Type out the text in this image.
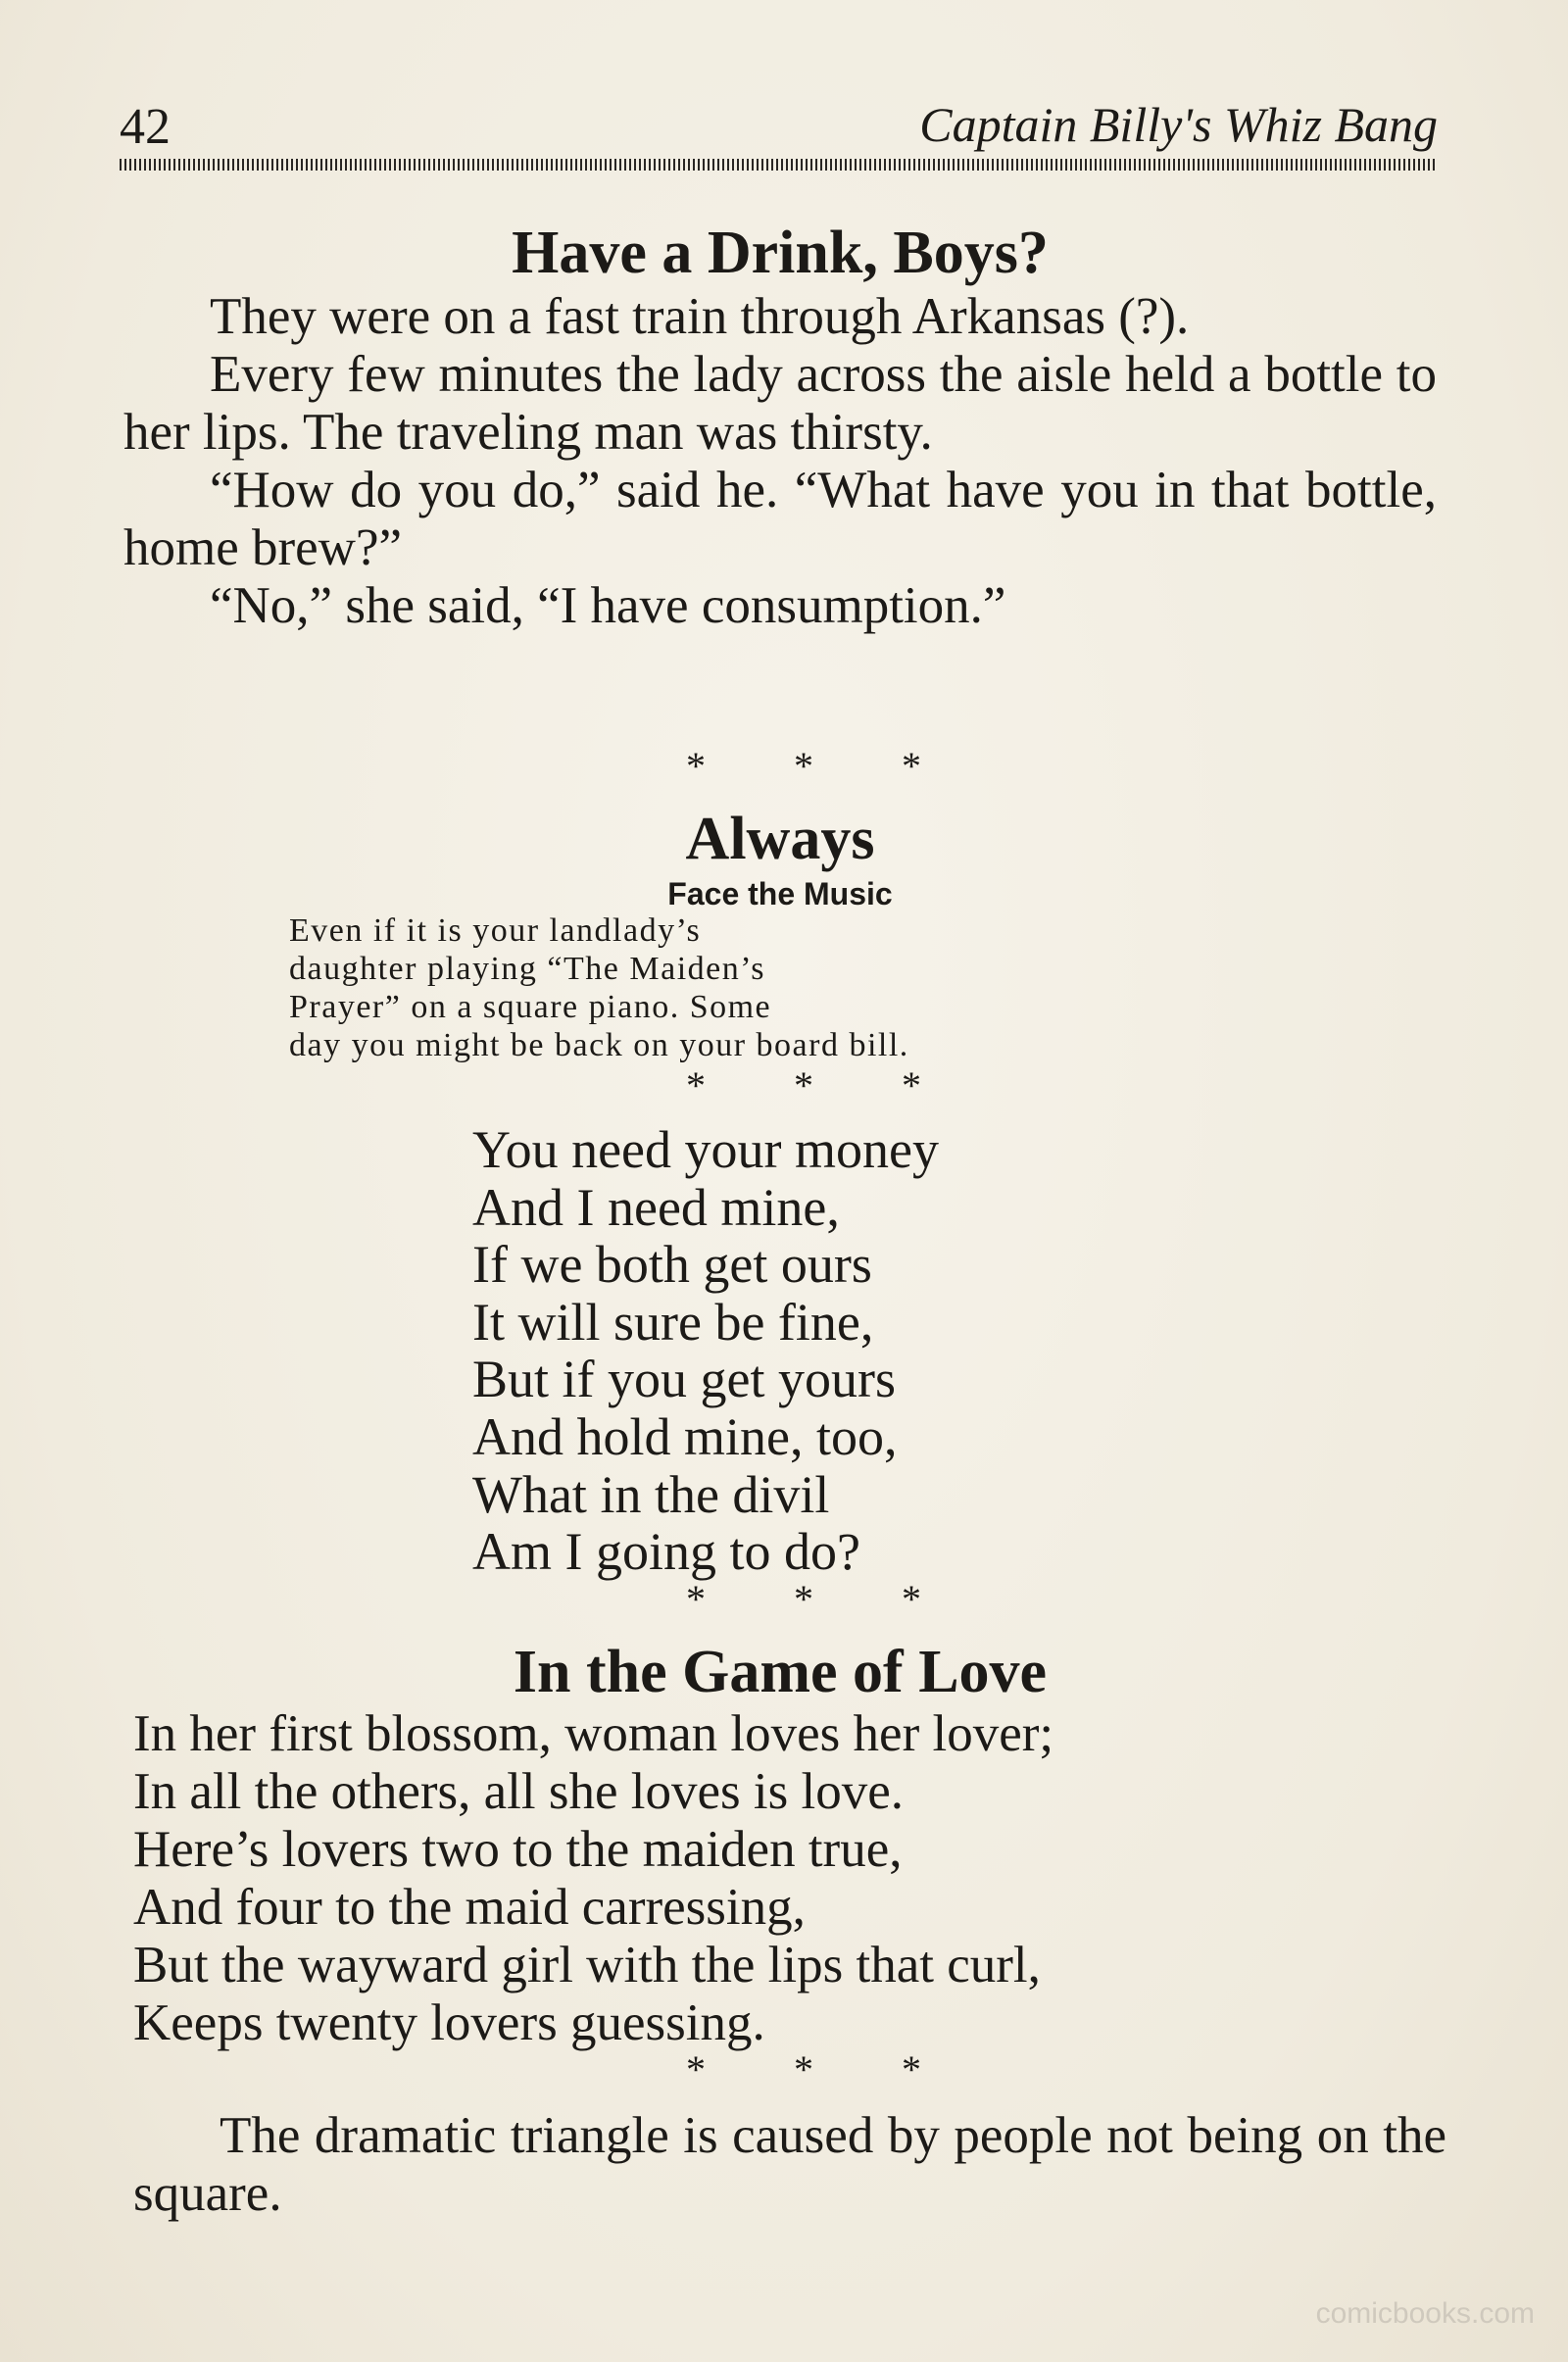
42	Captain Billy's Whiz Bang
Have a Drink, Boys?

They were on a fast train through Arkansas (?).

Every few minutes the lady across the aisle held a bottle to her lips. The traveling man was thirsty.

“How do you do,” said he. “What have you in that bottle, home brew?”

“No,” she said, “I have consumption.”

* * *
Always

Face the Music

Even if it is your landlady’s
daughter playing “The Maiden’s
Prayer” on a square piano. Some
day you might be back on your board bill.
* * *
You need your money
And I need mine,
If we both get ours
It will sure be fine,
But if you get yours
And hold mine, too,
What in the divil
Am I going to do?
* * *
In the Game of Love
In her first blossom, woman loves her lover;
In all the others, all she loves is love.
Here’s lovers two to the maiden true,
And four to the maid carressing,
But the wayward girl with the lips that curl,
Keeps twenty lovers guessing.
* * *

The dramatic triangle is caused by people not being on the square.

comicbooks.com
